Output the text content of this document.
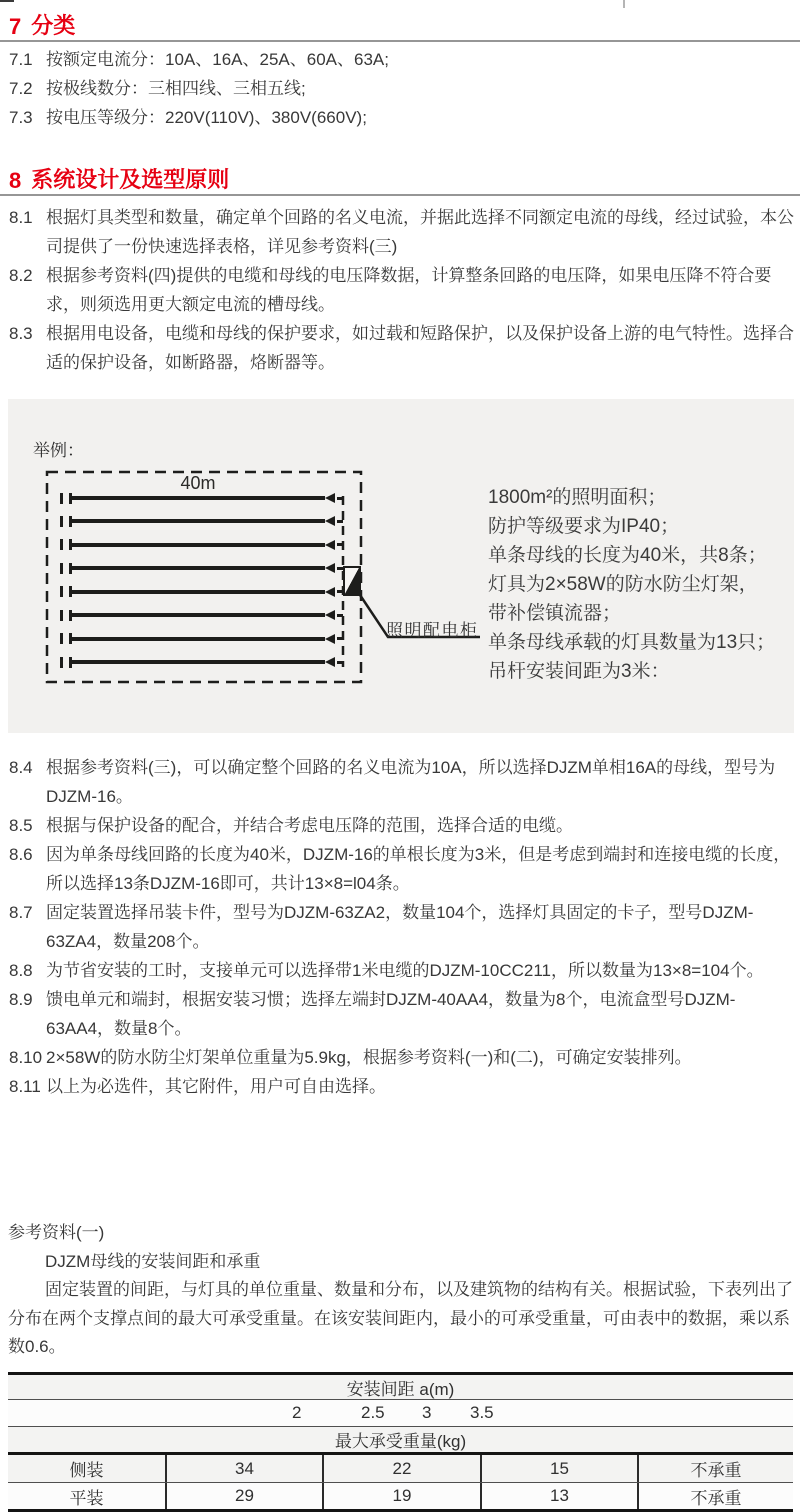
7 分类
7.1 按额定电流分：10A、16A、25A、60A、63A;
7.2 按极线数分：三相四线、三相五线;
7.3 按电压等级分：220V(110V)、380V(660V);
8 系统设计及选型原则
8.1 根据灯具类型和数量，确定单个回路的名义电流，并据此选择不同额定电流的母线，经过试验，本公司提供了一份快速选择表格，详见参考资料(三)
8.2 根据参考资料(四)提供的电缆和母线的电压降数据，计算整条回路的电压降，如果电压降不符合要求，则须选用更大额定电流的槽母线。
8.3 根据用电设备，电缆和母线的保护要求，如过载和短路保护，以及保护设备上游的电气特性。选择合适的保护设备，如断路器，烙断器等。
举例：
40m
照明配电柜
1800m²的照明面积；
防护等级要求为IP40；
单条母线的长度为40米，共8条；
灯具为2×58W的防水防尘灯架，
带补偿镇流器；
单条母线承载的灯具数量为13只；
吊杆安装间距为3米：
8.4 根据参考资料(三)，可以确定整个回路的名义电流为10A，所以选择DJZM单相16A的母线，型号为DJZM-16。
8.5 根据与保护设备的配合，并结合考虑电压降的范围，选择合适的电缆。
8.6 因为单条母线回路的长度为40米，DJZM-16的单根长度为3米，但是考虑到端封和连接电缆的长度，所以选择13条DJZM-16即可，共计13×8=l04条。
8.7 固定装置选择吊装卡件，型号为DJZM-63ZA2，数量104个，选择灯具固定的卡子，型号DJZM-63ZA4，数量208个。
8.8 为节省安装的工时，支接单元可以选择带1米电缆的DJZM-10CC211，所以数量为13×8=104个。
8.9 馈电单元和端封，根据安装习惯；选择左端封DJZM-40AA4，数量为8个，电流盒型号DJZM-63AA4，数量8个。
8.10 2×58W的防水防尘灯架单位重量为5.9kg，根据参考资料(一)和(二)，可确定安装排列。
8.11 以上为必选件，其它附件，用户可自由选择。
参考资料(一)
DJZM母线的安装间距和承重
固定装置的间距，与灯具的单位重量、数量和分布，以及建筑物的结构有关。根据试验，下表列出了分布在两个支撑点间的最大可承受重量。在该安装间距内，最小的可承受重量，可由表中的数据，乘以系数0.6。
安装间距 a(m)
2	2.5 3 3.5
最大承受重量(kg)
侧装	34	22	15	不承重
平装	29	19	13	不承重
